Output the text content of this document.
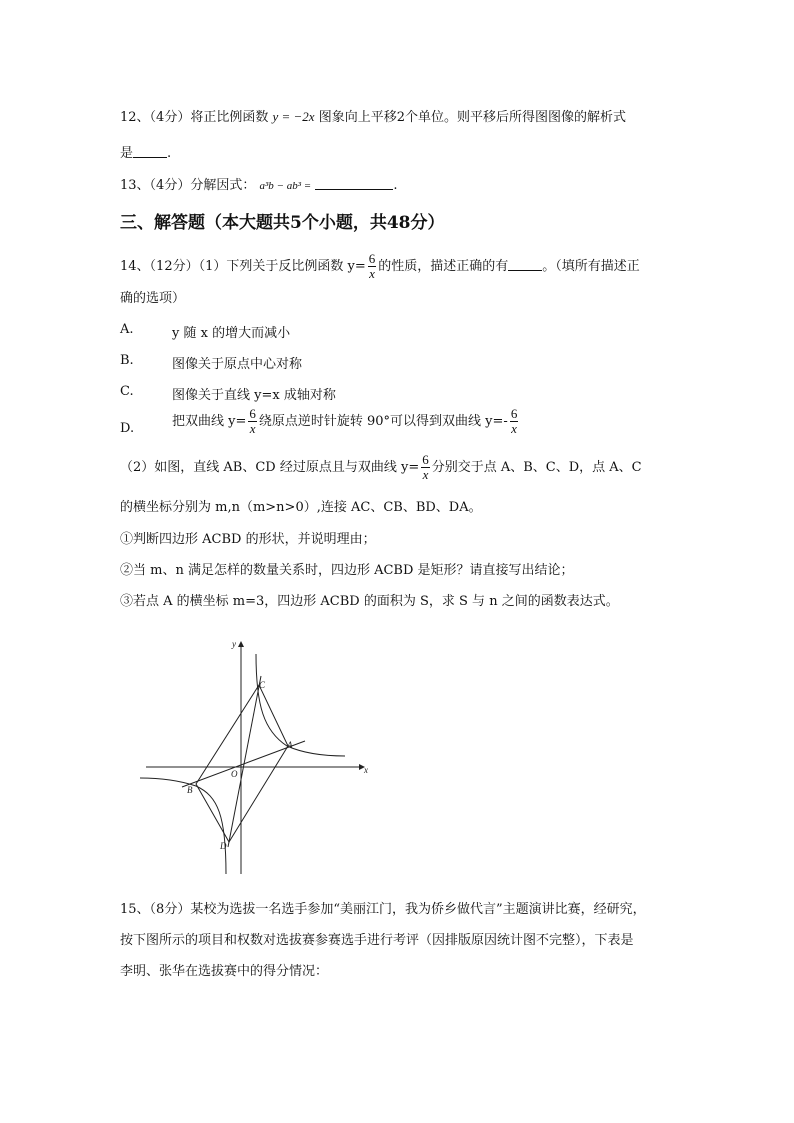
12、（4分）将正比例函数 y = −2x 图象向上平移2个单位。则平移后所得图图像的解析式
是	.
13、（4分）分解因式： a³b − ab³ =	.
三、解答题（本大题共5个小题，共48分）
14、（12分）（1）下列关于反比例函数 $y= \frac{6}{x}$ 的性质，描述正确的有	。（填所有描述正
确的选项）
A.	y 随 x 的增大而减小
B.	图像关于原点中心对称
C.	图像关于直线 y=x 成轴对称
D.	把双曲线 $y= \frac{6}{x}$ 绕原点逆时针旋转 90°可以得到双曲线 $y=- \frac{6}{x}$
（2）如图，直线 AB、CD 经过原点且与双曲线 $y= \frac{6}{x}$ 分别交于点 A、B、C、D，点 A、C
的横坐标分别为 m,n（m>n>0）,连接 AC、CB、BD、DA。
①判断四边形 ACBD 的形状，并说明理由；
②当 m、n 满足怎样的数量关系时，四边形 ACBD 是矩形？请直接写出结论；
③若点 A 的横坐标 m=3，四边形 ACBD 的面积为 S，求 S 与 n 之间的函数表达式。
x
y
O
A
B
C
D
15、（8分）某校为选拔一名选手参加“美丽江门，我为侨乡做代言”主题演讲比赛，经研究，
按下图所示的项目和权数对选拔赛参赛选手进行考评（因排版原因统计图不完整），下表是
李明、张华在选拔赛中的得分情况：
